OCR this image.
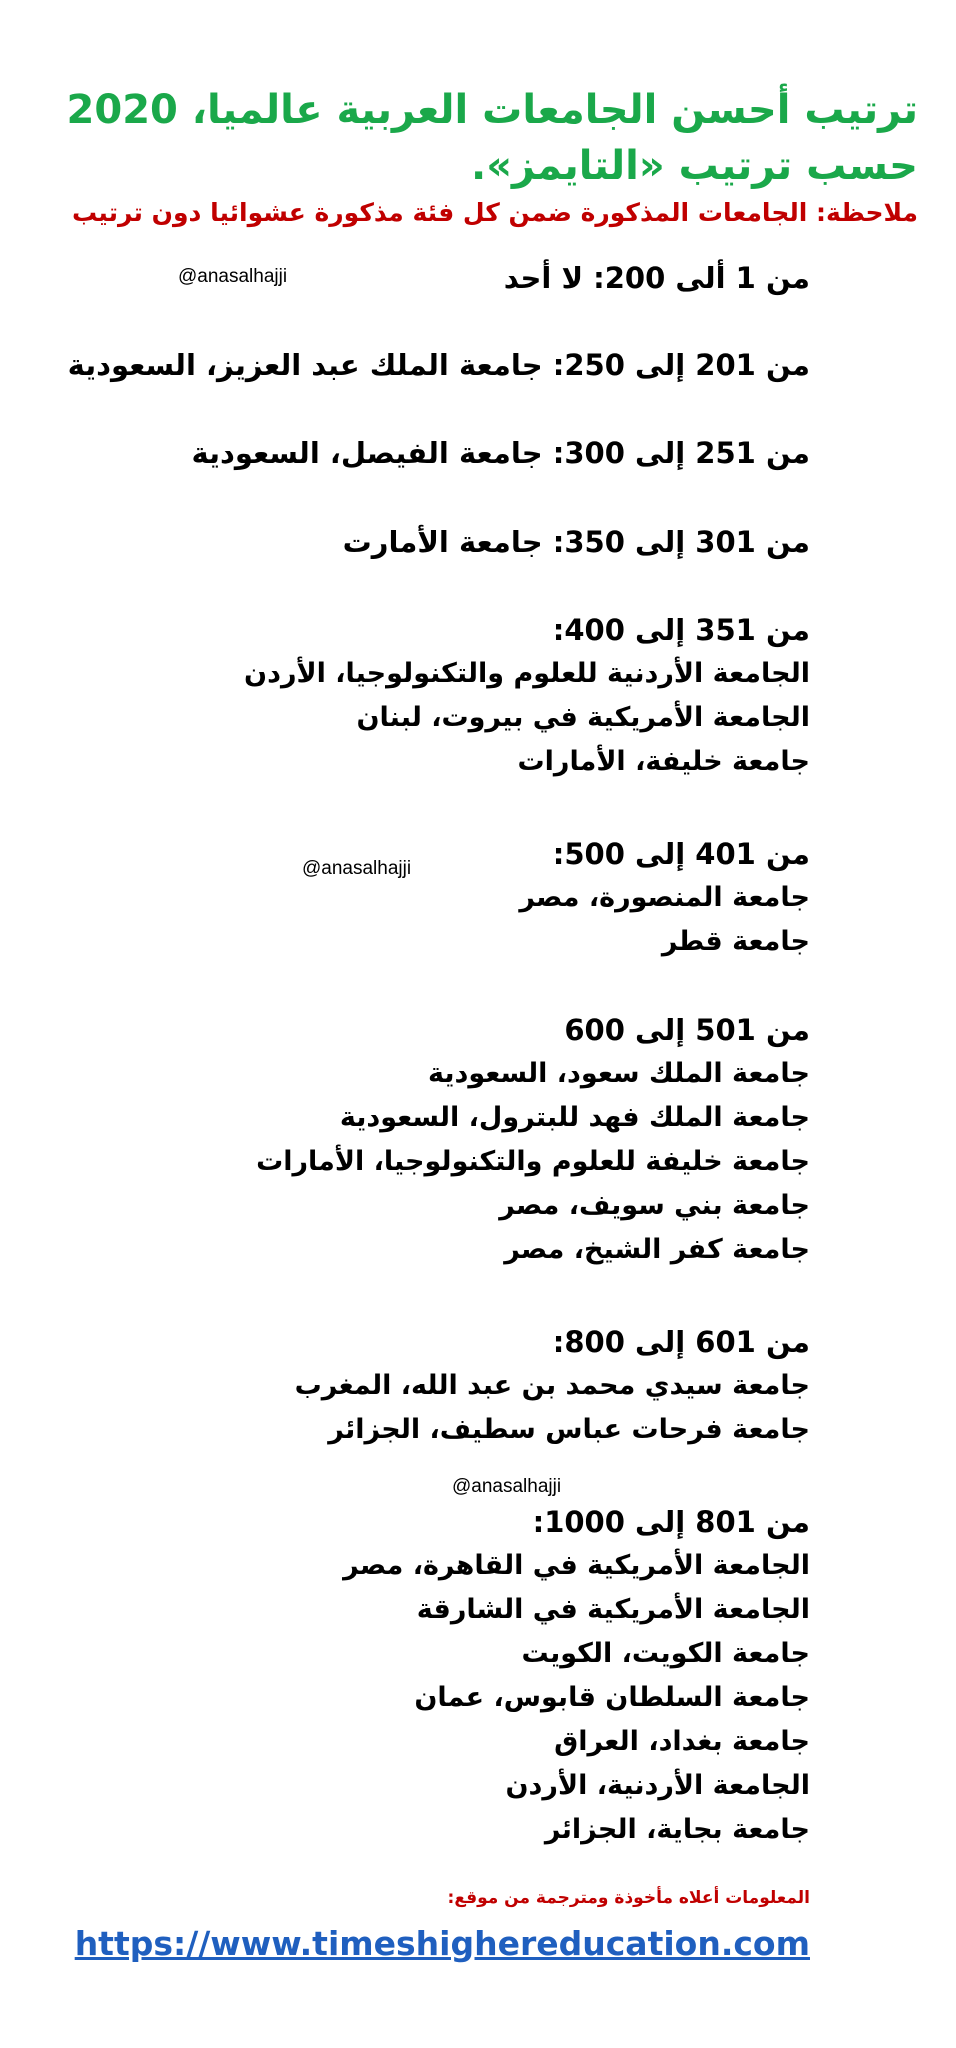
ترتيب أحسن الجامعات العربية عالميا، 2020 حسب ترتيب «التايمز».

ملاحظة: الجامعات المذكورة ضمن كل فئة مذكورة عشوائيا دون ترتيب

@anasalhajji
@anasalhajji
@anasalhajji
من 1 ألى 200: لا أحد
من 201 إلى 250: جامعة الملك عبد العزيز، السعودية
من 251 إلى 300: جامعة الفيصل، السعودية
من 301 إلى 350: جامعة الأمارت
من 351 إلى 400:
الجامعة الأردنية للعلوم والتكنولوجيا، الأردن
الجامعة الأمريكية في بيروت، لبنان
جامعة خليفة، الأمارات
من 401 إلى 500:
جامعة المنصورة، مصر
جامعة قطر
من 501 إلى 600
جامعة الملك سعود، السعودية
جامعة الملك فهد للبترول، السعودية
جامعة خليفة للعلوم والتكنولوجيا، الأمارات
جامعة بني سويف، مصر
جامعة كفر الشيخ، مصر
من 601 إلى 800:
جامعة سيدي محمد بن عبد الله، المغرب
جامعة فرحات عباس سطيف، الجزائر
من 801 إلى 1000:
الجامعة الأمريكية في القاهرة، مصر
الجامعة الأمريكية في الشارقة
جامعة الكويت، الكويت
جامعة السلطان قابوس، عمان
جامعة بغداد، العراق
الجامعة الأردنية، الأردن
جامعة بجاية، الجزائر
المعلومات أعلاه مأخوذة ومترجمة من موقع:
https://www.timeshighereducation.com
